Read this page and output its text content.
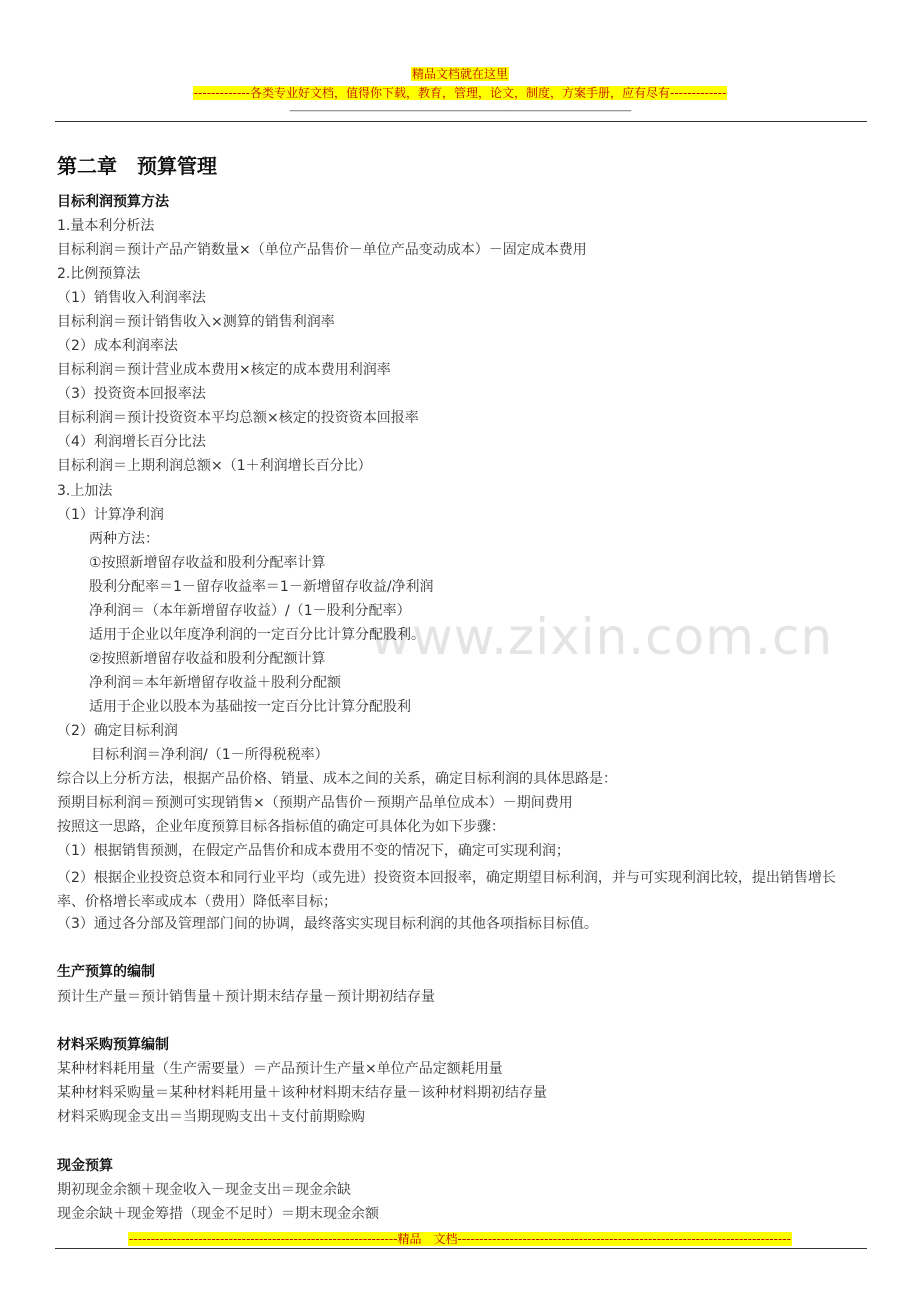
精品文档就在这里
-------------各类专业好文档，值得你下载，教育，管理，论文，制度，方案手册，应有尽有-------------
--------------------------------------------------------------------------------------------------------------------------------------------------------
www.zixin.com.cn
第二章　预算管理
目标利润预算方法
1.量本利分析法
目标利润＝预计产品产销数量×（单位产品售价－单位产品变动成本）－固定成本费用
2.比例预算法
（1）销售收入利润率法
目标利润＝预计销售收入×测算的销售利润率
（2）成本利润率法
目标利润＝预计营业成本费用×核定的成本费用利润率
（3）投资资本回报率法
目标利润＝预计投资资本平均总额×核定的投资资本回报率
（4）利润增长百分比法
目标利润＝上期利润总额×（1＋利润增长百分比）
3.上加法
（1）计算净利润
两种方法：
①按照新增留存收益和股利分配率计算
股利分配率＝1－留存收益率＝1－新增留存收益/净利润
净利润＝（本年新增留存收益）/（1－股利分配率）
适用于企业以年度净利润的一定百分比计算分配股利。
②按照新增留存收益和股利分配额计算
净利润＝本年新增留存收益＋股利分配额
适用于企业以股本为基础按一定百分比计算分配股利
（2）确定目标利润
目标利润＝净利润/（1－所得税税率）
综合以上分析方法，根据产品价格、销量、成本之间的关系，确定目标利润的具体思路是：
预期目标利润＝预测可实现销售×（预期产品售价－预期产品单位成本）－期间费用
按照这一思路，企业年度预算目标各指标值的确定可具体化为如下步骤：
（1）根据销售预测，在假定产品售价和成本费用不变的情况下，确定可实现利润；
（2）根据企业投资总资本和同行业平均（或先进）投资资本回报率，确定期望目标利润，并与可实现利润比较，提出销售增长率、价格增长率或成本（费用）降低率目标；
（3）通过各分部及管理部门间的协调，最终落实实现目标利润的其他各项指标目标值。
生产预算的编制
预计生产量＝预计销售量＋预计期末结存量－预计期初结存量
材料采购预算编制
某种材料耗用量（生产需要量）＝产品预计生产量×单位产品定额耗用量
某种材料采购量＝某种材料耗用量＋该种材料期末结存量－该种材料期初结存量
材料采购现金支出＝当期现购支出＋支付前期赊购
现金预算
期初现金余额＋现金收入－现金支出＝现金余缺
现金余缺＋现金筹措（现金不足时）＝期末现金余额
--------------------------------------------------------------精品　文档-----------------------------------------------------------------------------
